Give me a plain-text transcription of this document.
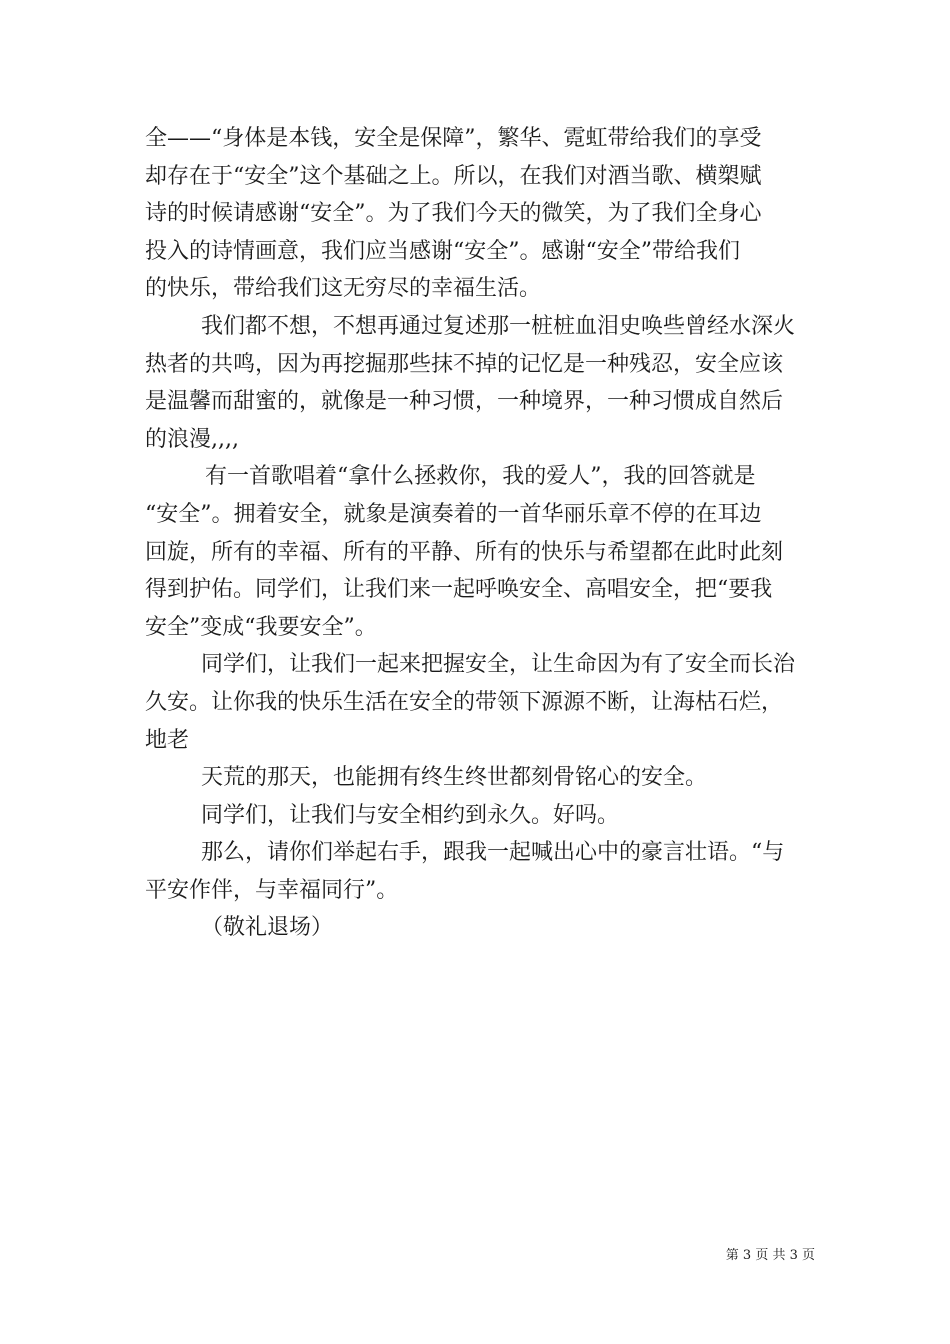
全——“身体是本钱，安全是保障”，繁华、霓虹带给我们的享受
却存在于“安全”这个基础之上。所以，在我们对酒当歌、横槊赋
诗的时候请感谢“安全”。为了我们今天的微笑，为了我们全身心
投入的诗情画意，我们应当感谢“安全”。感谢“安全”带给我们
的快乐，带给我们这无穷尽的幸福生活。
我们都不想，不想再通过复述那一桩桩血泪史唤些曾经水深火
热者的共鸣，因为再挖掘那些抹不掉的记忆是一种残忍，安全应该
是温馨而甜蜜的，就像是一种习惯，一种境界，一种习惯成自然后
的浪漫,,,,
有一首歌唱着“拿什么拯救你，我的爱人”，我的回答就是
“安全”。拥着安全，就象是演奏着的一首华丽乐章不停的在耳边
回旋，所有的幸福、所有的平静、所有的快乐与希望都在此时此刻
得到护佑。同学们，让我们来一起呼唤安全、高唱安全，把“要我
安全”变成“我要安全”。
同学们，让我们一起来把握安全，让生命因为有了安全而长治
久安。让你我的快乐生活在安全的带领下源源不断，让海枯石烂，
地老
天荒的那天，也能拥有终生终世都刻骨铭心的安全。
同学们，让我们与安全相约到永久。好吗。
那么，请你们举起右手，跟我一起喊出心中的豪言壮语。“与
平安作伴，与幸福同行”。
（敬礼退场）
第 3 页 共 3 页
